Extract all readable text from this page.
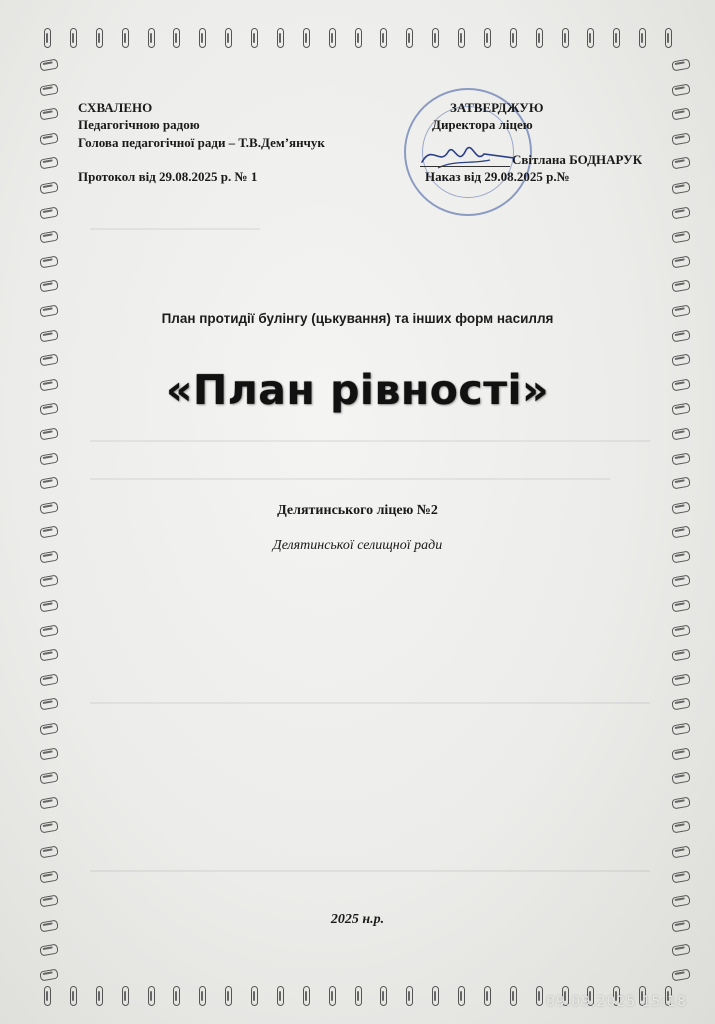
СХВАЛЕНО
Педагогічною радою
Голова педагогічної ради – Т.В.Дем’янчук
Протокол від 29.08.2025 р. № 1
ЗАТВЕРДЖУЮ
Директора ліцею
Світлана БОДНАРУК
Наказ від 29.08.2025 р.№
План протидії булінгу (цькування) та інших форм насилля
«План рівності»
Делятинського ліцею №2
Делятинської селищної ради
2025 н.р.
09.09.2025 15:18
